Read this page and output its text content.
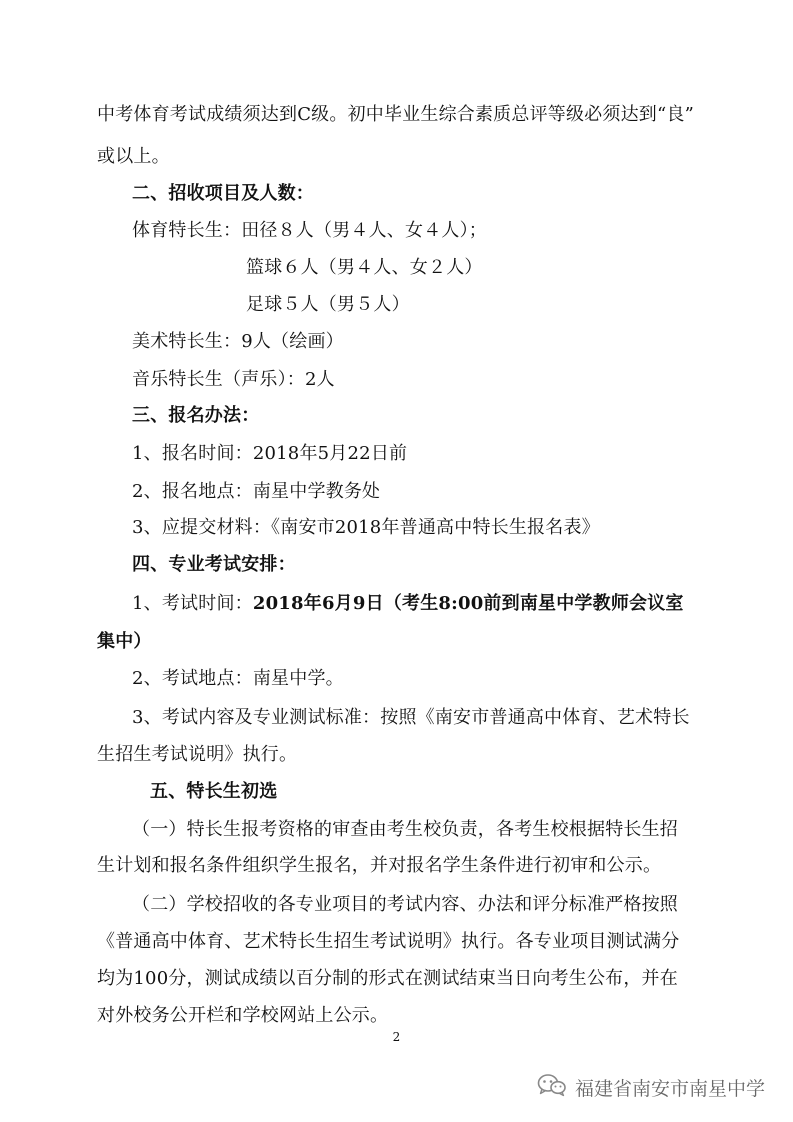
中考体育考试成绩须达到C级。初中毕业生综合素质总评等级必须达到“良”
或以上。
二、招收项目及人数：
体育特长生：田径８人（男４人、女４人）；
篮球６人（男４人、女２人）
足球５人（男５人）
美术特长生：9人（绘画）
音乐特长生（声乐）：2人
三、报名办法：
1、报名时间：2018年5月22日前
2、报名地点：南星中学教务处
3、应提交材料：《南安市2018年普通高中特长生报名表》
四、专业考试安排：
1、考试时间：2018年6月9日（考生8:00前到南星中学教师会议室
集中）
2、考试地点：南星中学。
3、考试内容及专业测试标准：按照《南安市普通高中体育、艺术特长
生招生考试说明》执行。
五、特长生初选
（一）特长生报考资格的审查由考生校负责，各考生校根据特长生招
生计划和报名条件组织学生报名，并对报名学生条件进行初审和公示。
（二）学校招收的各专业项目的考试内容、办法和评分标准严格按照
《普通高中体育、艺术特长生招生考试说明》执行。各专业项目测试满分
均为100分，测试成绩以百分制的形式在测试结束当日向考生公布，并在
对外校务公开栏和学校网站上公示。
2
福建省南安市南星中学
